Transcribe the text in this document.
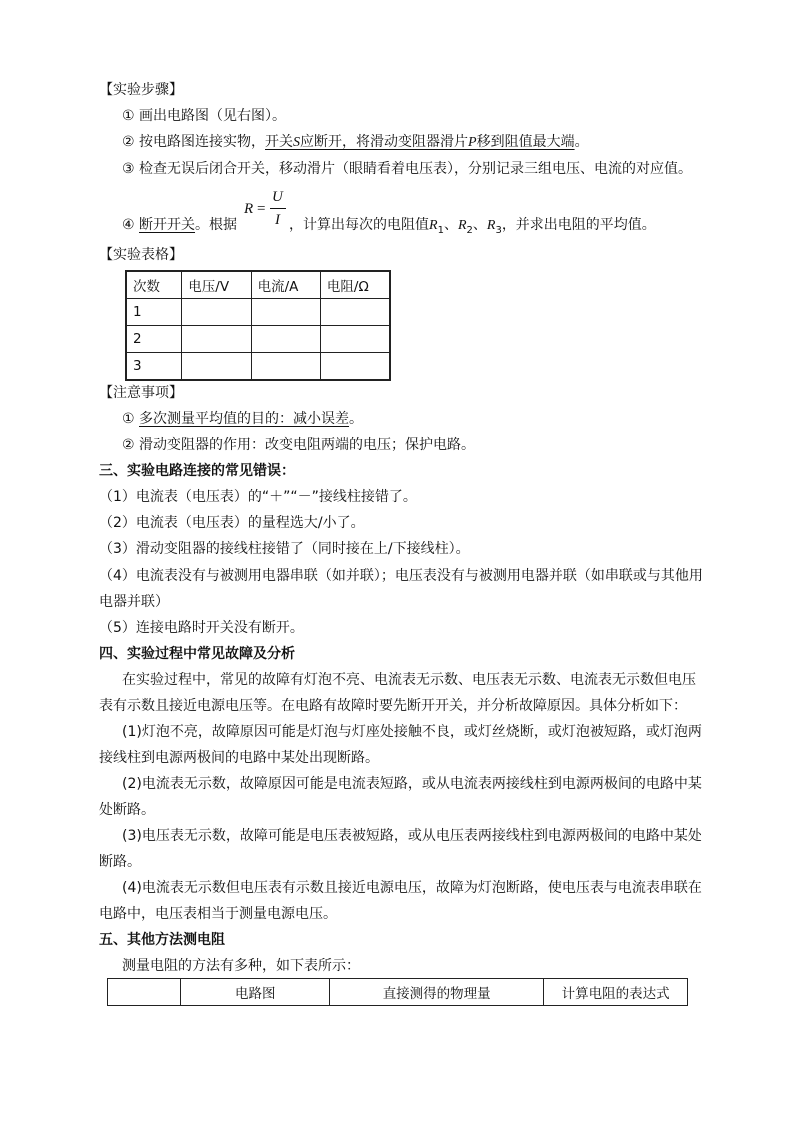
【实验步骤】
① 画出电路图（见右图）。
② 按电路图连接实物，开关S应断开，将滑动变阻器滑片P移到阻值最大端。
③ 检查无误后闭合开关，移动滑片（眼睛看着电压表），分别记录三组电压、电流的对应值。
④ 断开开关。根据
R =
U
I ，计算出每次的电阻值$R_1$、$R_2$、$R_3$，并求出电阻的平均值。
【实验表格】
次数	电压/V	电流/A	电阻/Ω
1			
2			
3			
【注意事项】
① 多次测量平均值的目的：减小误差。
② 滑动变阻器的作用：改变电阻两端的电压；保护电路。
三、实验电路连接的常见错误：
（1）电流表（电压表）的“＋”“－”接线柱接错了。
（2）电流表（电压表）的量程选大/小了。
（3）滑动变阻器的接线柱接错了（同时接在上/下接线柱）。
（4）电流表没有与被测用电器串联（如并联）；电压表没有与被测用电器并联（如串联或与其他用
电器并联）
（5）连接电路时开关没有断开。
四、实验过程中常见故障及分析
在实验过程中，常见的故障有灯泡不亮、电流表无示数、电压表无示数、电流表无示数但电压
表有示数且接近电源电压等。在电路有故障时要先断开开关，并分析故障原因。具体分析如下：
(1)灯泡不亮，故障原因可能是灯泡与灯座处接触不良，或灯丝烧断，或灯泡被短路，或灯泡两
接线柱到电源两极间的电路中某处出现断路。
(2)电流表无示数，故障原因可能是电流表短路，或从电流表两接线柱到电源两极间的电路中某
处断路。
(3)电压表无示数，故障可能是电压表被短路，或从电压表两接线柱到电源两极间的电路中某处
断路。
(4)电流表无示数但电压表有示数且接近电源电压，故障为灯泡断路，使电压表与电流表串联在
电路中，电压表相当于测量电源电压。
五、其他方法测电阻
测量电阻的方法有多种，如下表所示：
	电路图	直接测得的物理量	计算电阻的表达式
